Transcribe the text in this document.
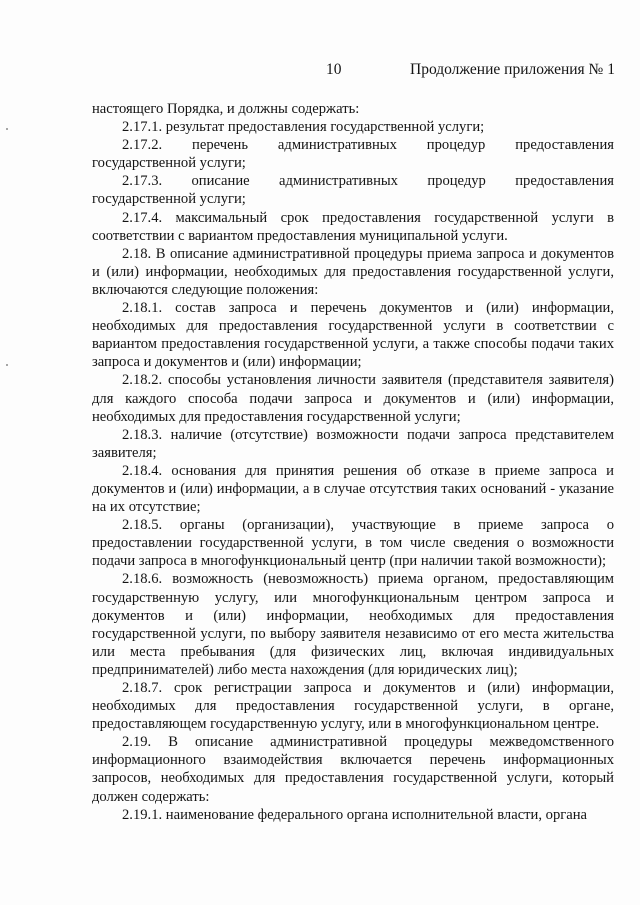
10	Продолжение приложения № 1

настоящего Порядка, и должны содержать:

2.17.1. результат предоставления государственной услуги;

2.17.2. перечень административных процедур предоставления государственной услуги;

2.17.3. описание административных процедур предоставления государственной услуги;

2.17.4. максимальный срок предоставления государственной услуги в соответствии с вариантом предоставления муниципальной услуги.

2.18. В описание административной процедуры приема запроса и документов и (или) информации, необходимых для предоставления государственной услуги, включаются следующие положения:

2.18.1. состав запроса и перечень документов и (или) информации, необходимых для предоставления государственной услуги в соответствии с вариантом предоставления государственной услуги, а также способы подачи таких запроса и документов и (или) информации;

2.18.2. способы установления личности заявителя (представителя заявителя) для каждого способа подачи запроса и документов и (или) информации, необходимых для предоставления государственной услуги;

2.18.3. наличие (отсутствие) возможности подачи запроса представителем заявителя;

2.18.4. основания для принятия решения об отказе в приеме запроса и документов и (или) информации, а в случае отсутствия таких оснований - указание на их отсутствие;

2.18.5. органы (организации), участвующие в приеме запроса о предоставлении государственной услуги, в том числе сведения о возможности подачи запроса в многофункциональный центр (при наличии такой возможности);

2.18.6. возможность (невозможность) приема органом, предоставляющим государственную услугу, или многофункциональным центром запроса и документов и (или) информации, необходимых для предоставления государственной услуги, по выбору заявителя независимо от его места жительства или места пребывания (для физических лиц, включая индивидуальных предпринимателей) либо места нахождения (для юридических лиц);

2.18.7. срок регистрации запроса и документов и (или) информации, необходимых для предоставления государственной услуги, в органе, предоставляющем государственную услугу, или в многофункциональном центре.

2.19. В описание административной процедуры межведомственного информационного взаимодействия включается перечень информационных запросов, необходимых для предоставления государственной услуги, который должен содержать:

2.19.1. наименование федерального органа исполнительной власти, органа
